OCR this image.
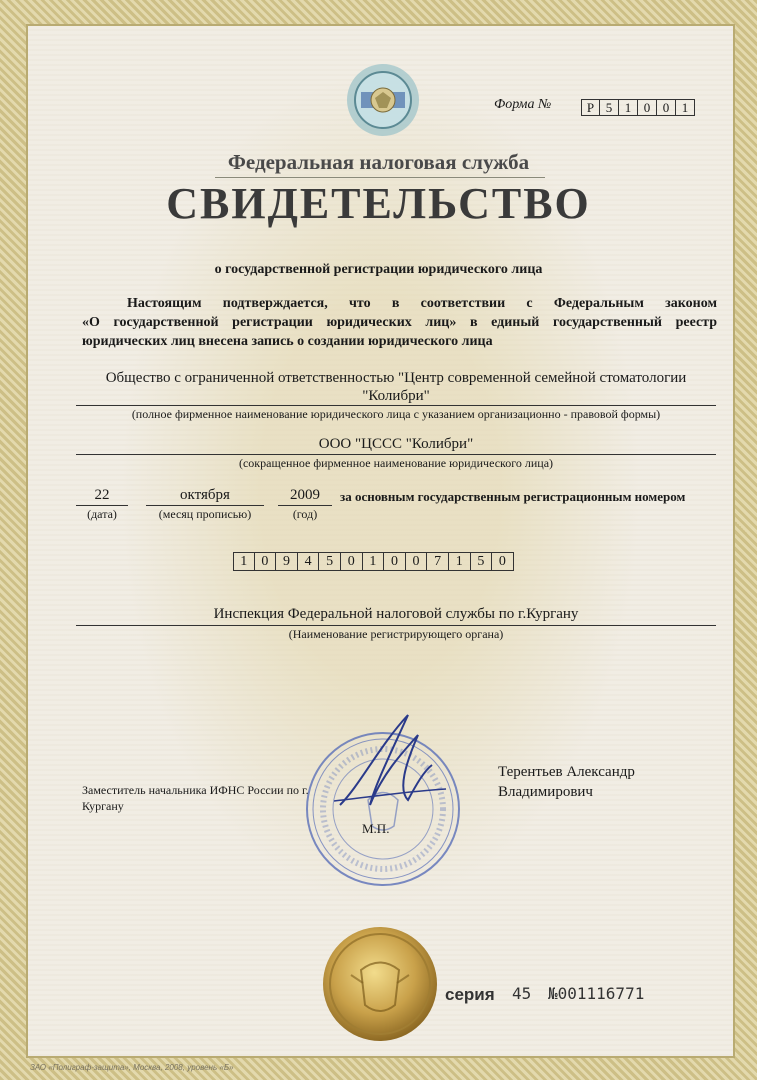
Форма №	Р 5 1 0 0 1
Федеральная налоговая служба
СВИДЕТЕЛЬСТВО
о государственной регистрации юридического лица
Настоящим подтверждается, что в соответствии с Федеральным законом
«О государственной регистрации юридических лиц» в единый государственный реестр
юридических лиц внесена запись о создании юридического лица
Общество с ограниченной ответственностью "Центр современной семейной стоматологии
"Колибри"
(полное фирменное наименование юридического лица с указанием организационно - правовой формы)
ООО "ЦССС "Колибри"
(сокращенное фирменное наименование юридического лица)
22
(дата)
октября
(месяц прописью)
2009
(год)
за основным государственным регистрационным номером
1	0	9	4	5	0	1	0	0	7	1	5	0
Инспекция Федеральной налоговой службы по г.Кургану
(Наименование регистрирующего органа)
Заместитель начальника ИФНС России по г.
Кургану
М.П.
Терентьев Александр
Владимирович
серия 45 №001116771
ЗАО «Полиграф-защита», Москва, 2008, уровень «Б»
